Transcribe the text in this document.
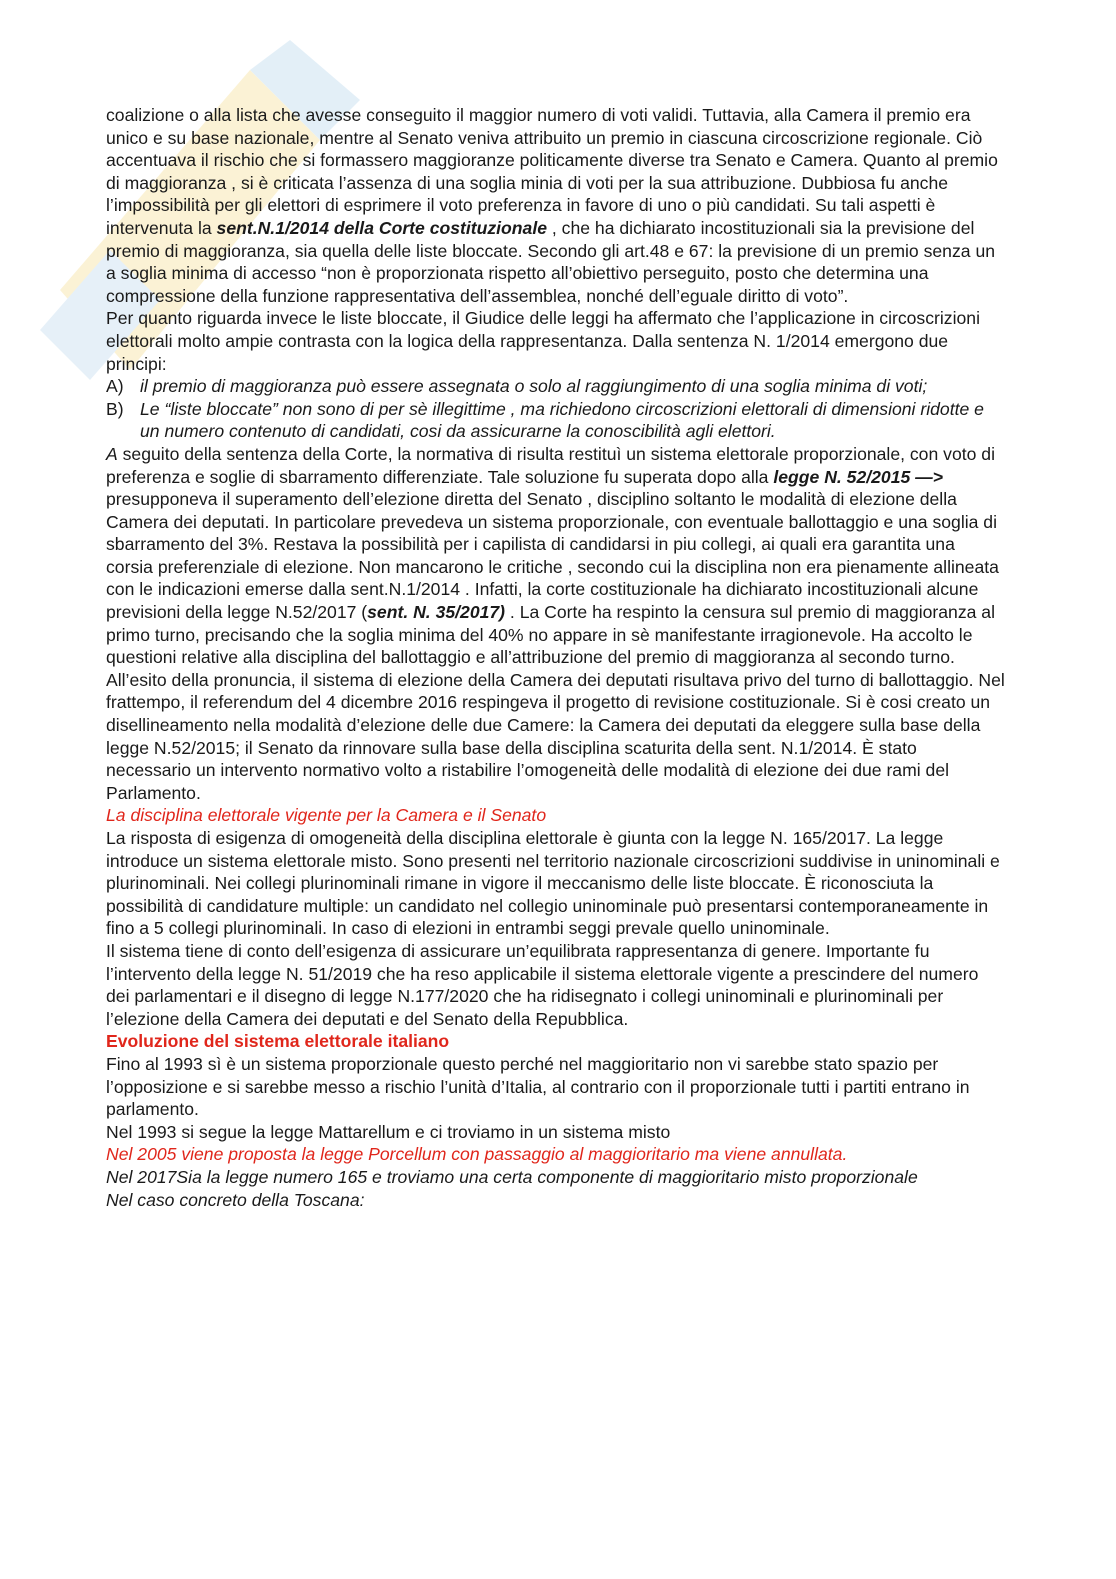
coalizione o alla lista che avesse conseguito il maggior numero di voti validi. Tuttavia, alla Camera il premio era unico e su base nazionale, mentre al Senato veniva attribuito un premio in ciascuna circoscrizione regionale. Ciò accentuava il rischio che si formassero maggioranze politicamente diverse tra Senato e Camera. Quanto al premio di maggioranza , si è criticata l’assenza di una soglia minia di voti per la sua attribuzione. Dubbiosa fu anche l’impossibilità per gli elettori di esprimere il voto preferenza in favore di uno o più candidati. Su tali aspetti è intervenuta la sent.N.1/2014 della Corte costituzionale , che ha dichiarato incostituzionali sia la previsione del premio di maggioranza, sia quella delle liste bloccate. Secondo gli art.48 e 67: la previsione di un premio senza un a soglia minima di accesso “non è proporzionata rispetto all’obiettivo perseguito, posto che determina una compressione della funzione rappresentativa dell’assemblea, nonché dell’eguale diritto di voto”.

Per quanto riguarda invece le liste bloccate, il Giudice delle leggi ha affermato che l’applicazione in circoscrizioni elettorali molto ampie contrasta con la logica della rappresentanza. Dalla sentenza N. 1/2014 emergono due principi:

A) il premio di maggioranza può essere assegnata o solo al raggiungimento di una soglia minima di voti;
B) Le “liste bloccate” non sono di per sè illegittime , ma richiedono circoscrizioni elettorali di dimensioni ridotte e un numero contenuto di candidati, cosi da assicurarne la conoscibilità agli elettori.

A seguito della sentenza della Corte, la normativa di risulta restituì un sistema elettorale proporzionale, con voto di preferenza e soglie di sbarramento differenziate. Tale soluzione fu superata dopo alla legge N. 52/2015 —> presupponeva il superamento dell’elezione diretta del Senato , disciplino soltanto le modalità di elezione della Camera dei deputati. In particolare prevedeva un sistema proporzionale, con eventuale ballottaggio e una soglia di sbarramento del 3%. Restava la possibilità per i capilista di candidarsi in piu collegi, ai quali era garantita una corsia preferenziale di elezione. Non mancarono le critiche , secondo cui la disciplina non era pienamente allineata con le indicazioni emerse dalla sent.N.1/2014 . Infatti, la corte costituzionale ha dichiarato incostituzionali alcune previsioni della legge N.52/2017 (sent. N. 35/2017) . La Corte ha respinto la censura sul premio di maggioranza al primo turno, precisando che la soglia minima del 40% no appare in sè manifestante irragionevole. Ha accolto le questioni relative alla disciplina del ballottaggio e all’attribuzione del premio di maggioranza al secondo turno.

All’esito della pronuncia, il sistema di elezione della Camera dei deputati risultava privo del turno di ballottaggio. Nel frattempo, il referendum del 4 dicembre 2016 respingeva il progetto di revisione costituzionale. Si è cosi creato un disellineamento nella modalità d’elezione delle due Camere: la Camera dei deputati da eleggere sulla base della legge N.52/2015; il Senato da rinnovare sulla base della disciplina scaturita della sent. N.1/2014. È stato necessario un intervento normativo volto a ristabilire l’omogeneità delle modalità di elezione dei due rami del Parlamento.

La disciplina elettorale vigente per la Camera e il Senato

La risposta di esigenza di omogeneità della disciplina elettorale è giunta con la legge N. 165/2017. La legge introduce un sistema elettorale misto. Sono presenti nel territorio nazionale circoscrizioni suddivise in uninominali e plurinominali. Nei collegi plurinominali rimane in vigore il meccanismo delle liste bloccate. È riconosciuta la possibilità di candidature multiple: un candidato nel collegio uninominale può presentarsi contemporaneamente in fino a 5 collegi plurinominali. In caso di elezioni in entrambi seggi prevale quello uninominale.

Il sistema tiene di conto dell’esigenza di assicurare un’equilibrata rappresentanza di genere. Importante fu l’intervento della legge N. 51/2019 che ha reso applicabile il sistema elettorale vigente a prescindere del numero dei parlamentari e il disegno di legge N.177/2020 che ha ridisegnato i collegi uninominali e plurinominali per l’elezione della Camera dei deputati e del Senato della Repubblica.

Evoluzione del sistema elettorale italiano

Fino al 1993 sì è un sistema proporzionale questo perché nel maggioritario non vi sarebbe stato spazio per l’opposizione e si sarebbe messo a rischio l’unità d’Italia, al contrario con il proporzionale tutti i partiti entrano in parlamento.

Nel 1993 si segue la legge Mattarellum e ci troviamo in un sistema misto

Nel 2005 viene proposta la legge Porcellum con passaggio al maggioritario ma viene annullata.

Nel 2017Sia la legge numero 165 e troviamo una certa componente di maggioritario misto proporzionale

Nel caso concreto della Toscana:
